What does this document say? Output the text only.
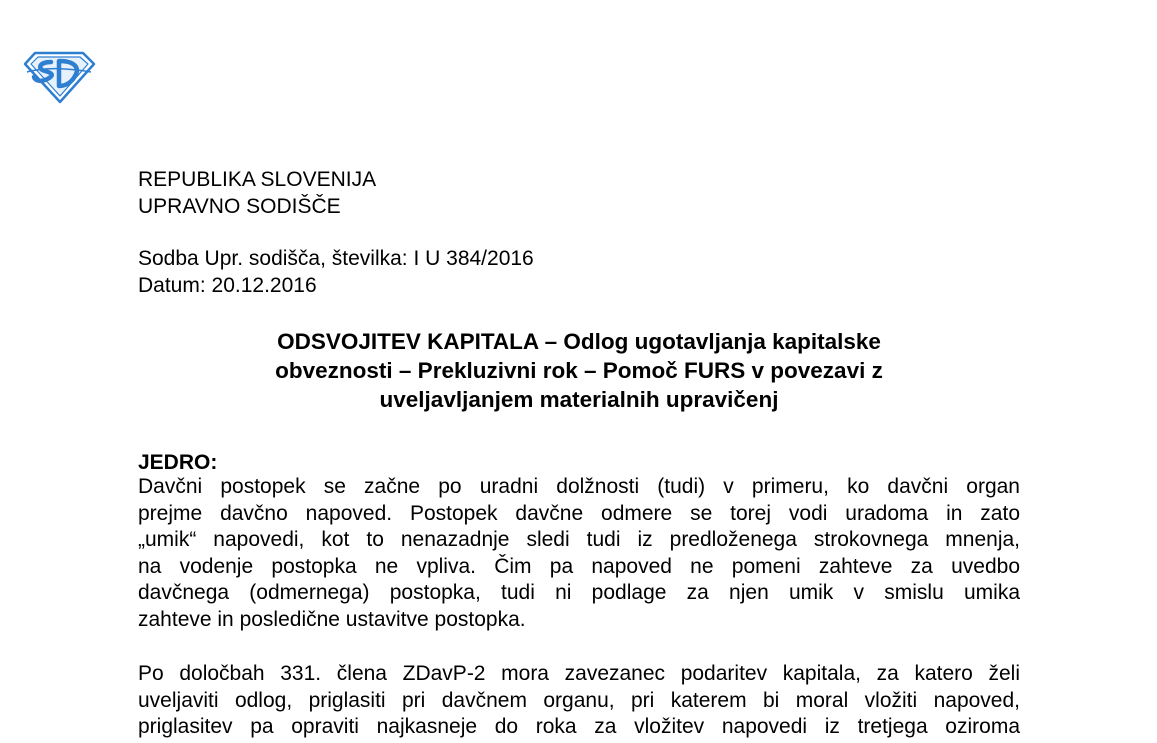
REPUBLIKA SLOVENIJA
UPRAVNO SODIŠČE
Sodba Upr. sodišča, številka: I U 384/2016
Datum: 20.12.2016
ODSVOJITEV KAPITALA – Odlog ugotavljanja kapitalske
obveznosti – Prekluzivni rok – Pomoč FURS v povezavi z
uveljavljanjem materialnih upravičenj
JEDRO:
Davčni postopek se začne po uradni dolžnosti (tudi) v primeru, ko davčni organ
prejme davčno napoved. Postopek davčne odmere se torej vodi uradoma in zato
„umik“ napovedi, kot to nenazadnje sledi tudi iz predloženega strokovnega mnenja,
na vodenje postopka ne vpliva. Čim pa napoved ne pomeni zahteve za uvedbo
davčnega (odmernega) postopka, tudi ni podlage za njen umik v smislu umika
zahteve in posledične ustavitve postopka.
Po določbah 331. člena ZDavP-2 mora zavezanec podaritev kapitala, za katero želi
uveljaviti odlog, priglasiti pri davčnem organu, pri katerem bi moral vložiti napoved,
priglasitev pa opraviti najkasneje do roka za vložitev napovedi iz tretjega oziroma
